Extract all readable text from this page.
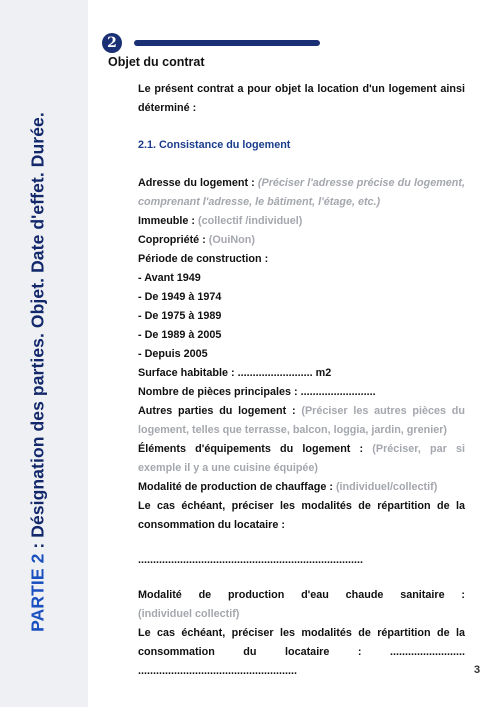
PARTIE 2 : Désignation des parties. Objet. Date d'effet. Durée.
2
Objet du contrat

Le présent contrat a pour objet la location d'un logement ainsi déterminé :

2.1. Consistance du logement

Adresse du logement : (Préciser l'adresse précise du logement, comprenant l'adresse, le bâtiment, l'étage, etc.)

Immeuble : (collectif /individuel)

Copropriété : (OuiNon)

Période de construction :

- Avant 1949

- De 1949 à 1974

- De 1975 à 1989

- De 1989 à 2005

- Depuis 2005

Surface habitable : ......................... m2

Nombre de pièces principales : .........................

Autres parties du logement : (Préciser les autres pièces du logement, telles que terrasse, balcon, loggia, jardin, grenier)

Éléments d'équipements du logement : (Préciser, par si exemple il y a une cuisine équipée)

Modalité de production de chauffage : (individuel/collectif)

Le cas échéant, préciser les modalités de répartition de la consommation du locataire :

...........................................................................

Modalité de production d'eau chaude sanitaire :

(individuel collectif)

Le cas échéant, préciser les modalités de répartition de la consommation du locataire : .........................

.....................................................	3
